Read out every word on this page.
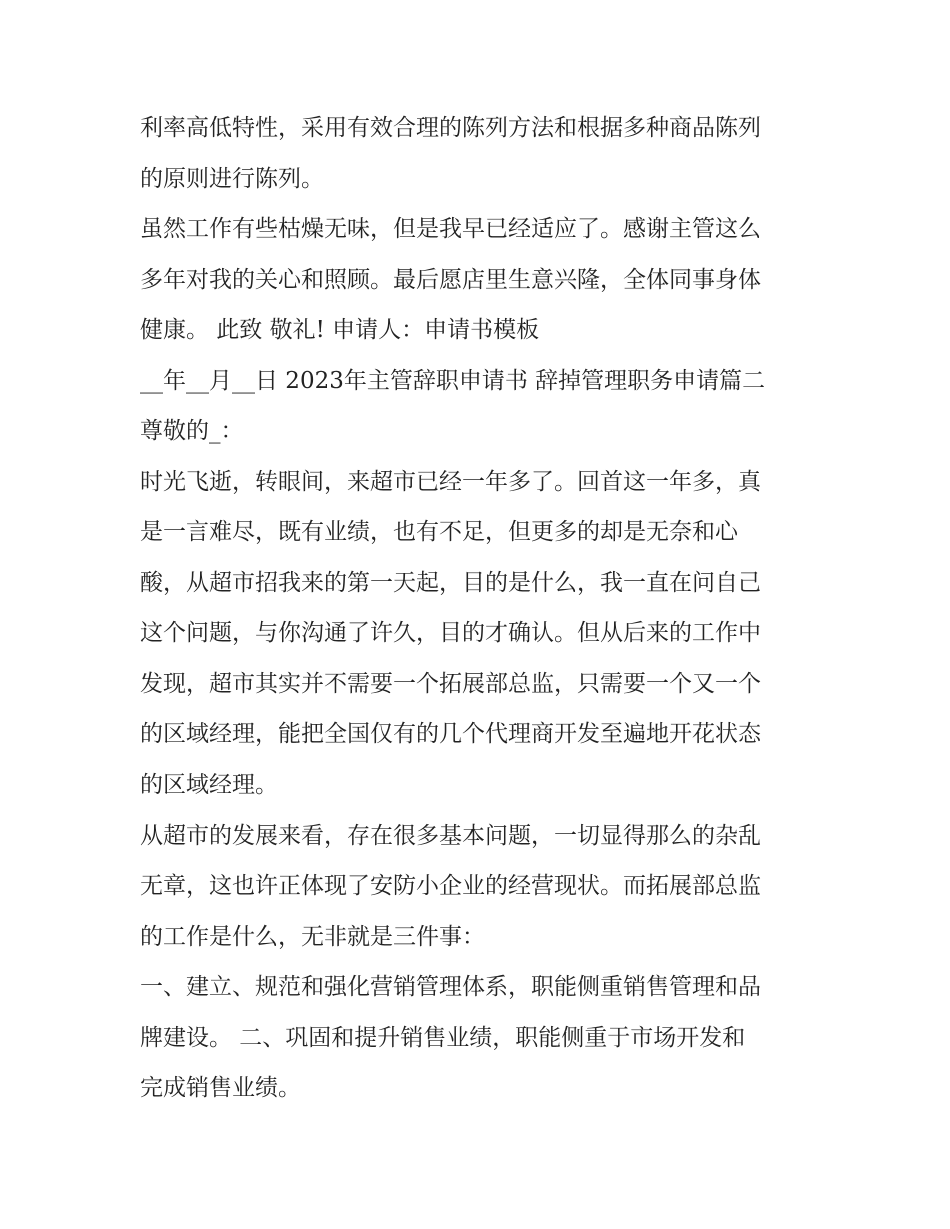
利率高低特性，采用有效合理的陈列方法和根据多种商品陈列
的原则进行陈列。
虽然工作有些枯燥无味，但是我早已经适应了。感谢主管这么
多年对我的关心和照顾。最后愿店里生意兴隆，全体同事身体
健康。 此致 敬礼! 申请人：申请书模板
__年__月__日 2023年主管辞职申请书 辞掉管理职务申请篇二
尊敬的_：
时光飞逝，转眼间，来超市已经一年多了。回首这一年多，真
是一言难尽，既有业绩，也有不足，但更多的却是无奈和心
酸，从超市招我来的第一天起，目的是什么，我一直在问自己
这个问题，与你沟通了许久，目的才确认。但从后来的工作中
发现，超市其实并不需要一个拓展部总监，只需要一个又一个
的区域经理，能把全国仅有的几个代理商开发至遍地开花状态
的区域经理。
从超市的发展来看，存在很多基本问题，一切显得那么的杂乱
无章，这也许正体现了安防小企业的经营现状。而拓展部总监
的工作是什么，无非就是三件事：
一、建立、规范和强化营销管理体系，职能侧重销售管理和品
牌建设。 二、巩固和提升销售业绩，职能侧重于市场开发和
完成销售业绩。
